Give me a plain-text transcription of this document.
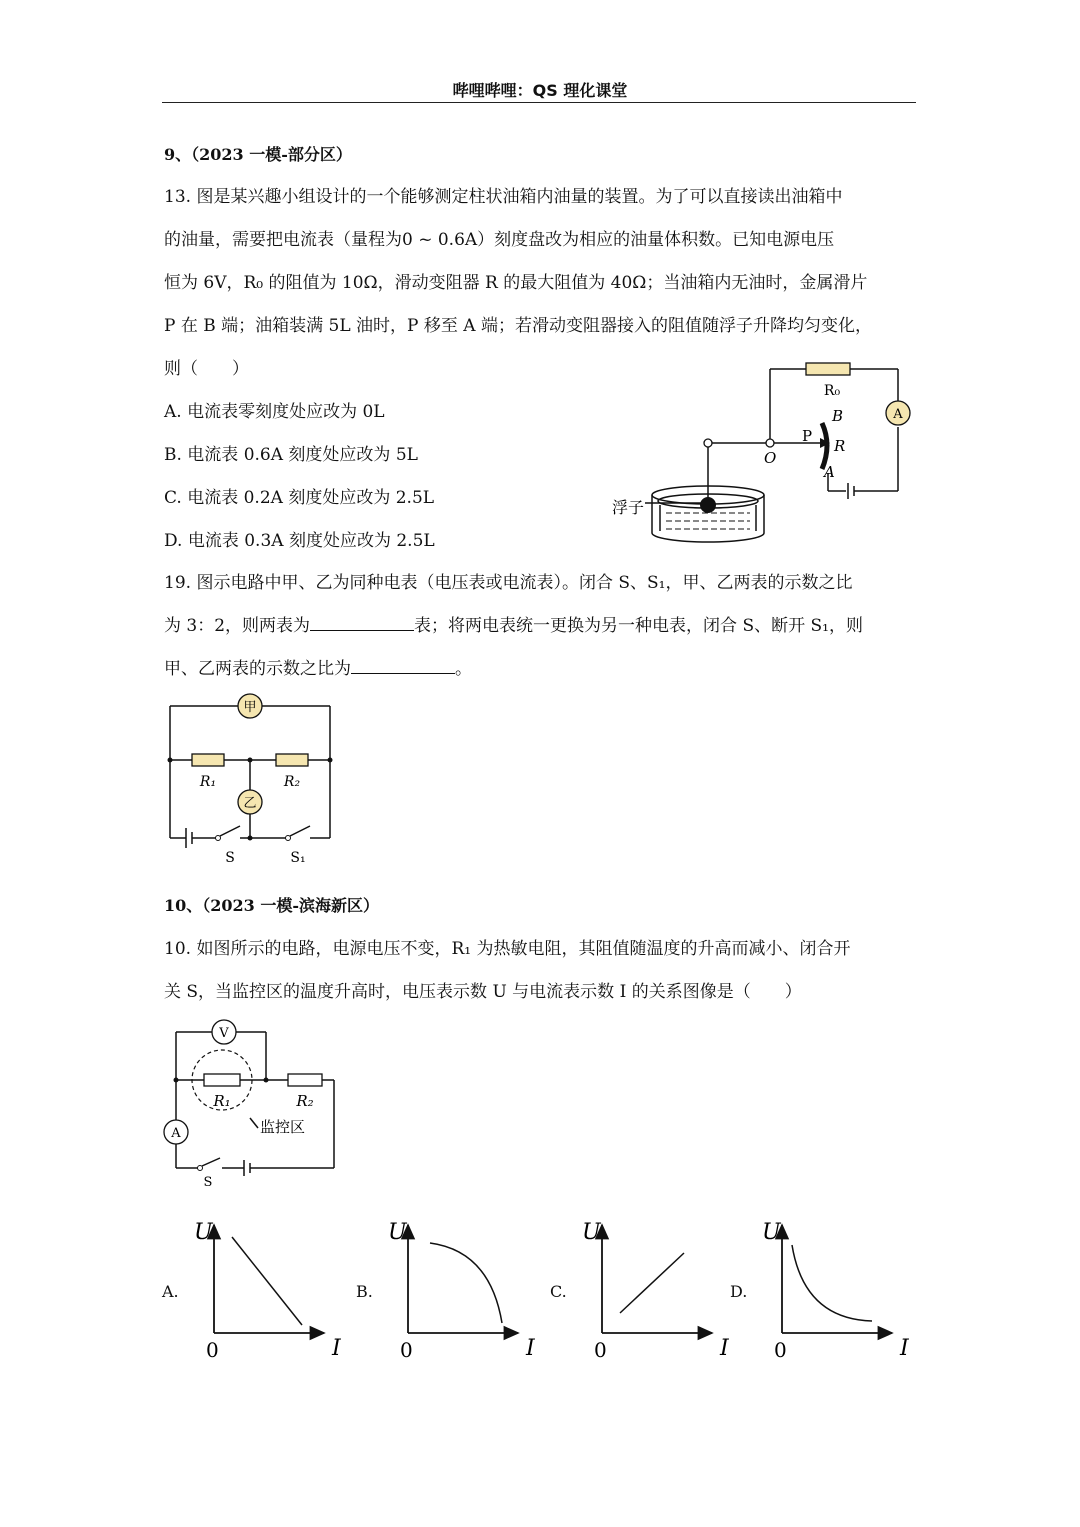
哔哩哔哩：QS 理化课堂
9、（2023 一模-部分区）
13. 图是某兴趣小组设计的一个能够测定柱状油箱内油量的装置。为了可以直接读出油箱中
的油量，需要把电流表（量程为0 ~ 0.6A）刻度盘改为相应的油量体积数。已知电源电压
恒为 6V，R₀ 的阻值为 10Ω，滑动变阻器 R 的最大阻值为 40Ω；当油箱内无油时，金属滑片
P 在 B 端；油箱装满 5L 油时，P 移至 A 端；若滑动变阻器接入的阻值随浮子升降均匀变化，
则（　　）
A. 电流表零刻度处应改为 0L
B. 电流表 0.6A 刻度处应改为 5L
C. 电流表 0.2A 刻度处应改为 2.5L
D. 电流表 0.3A 刻度处应改为 2.5L
R₀
A
P
B
R
A
O
浮子
19. 图示电路中甲、乙为同种电表（电压表或电流表）。闭合 S、S₁，甲、乙两表的示数之比
为 3：2，则两表为	表；将两电表统一更换为另一种电表，闭合 S、断开 S₁，则
甲、乙两表的示数之比为	。
甲
乙
R₁	R₂
S	S₁
10、（2023 一模-滨海新区）
10. 如图所示的电路，电源电压不变，R₁ 为热敏电阻，其阻值随温度的升高而减小、闭合开
关 S，当监控区的温度升高时，电压表示数 U 与电流表示数 I 的关系图像是（　　）
V
A
R₁	R₂
监控区
S
A.
U
I
0
B.
U
I
0
C.
U
I
0
D.
U
I
0
